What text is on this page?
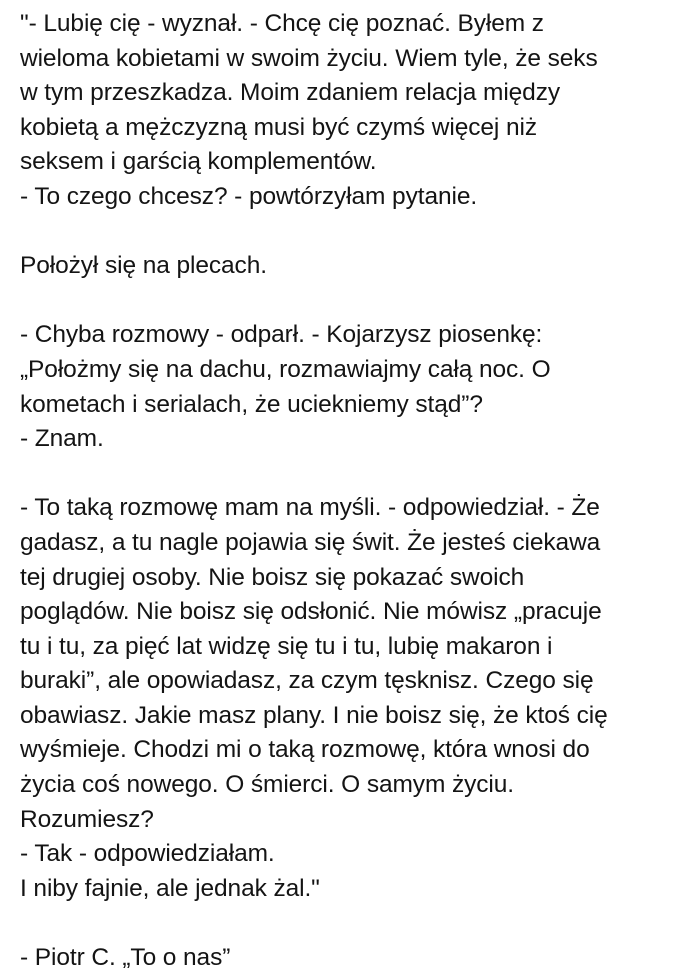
"- Lubię cię - wyznał. - Chcę cię poznać. Byłem z
wieloma kobietami w swoim życiu. Wiem tyle, że seks
w tym przeszkadza. Moim zdaniem relacja między
kobietą a mężczyzną musi być czymś więcej niż
seksem i garścią komplementów.
- To czego chcesz? - powtórzyłam pytanie.
Położył się na plecach.
- Chyba rozmowy - odparł. - Kojarzysz piosenkę:
„Położmy się na dachu, rozmawiajmy całą noc. O
kometach i serialach, że uciekniemy stąd”?
- Znam.
- To taką rozmowę mam na myśli. - odpowiedział. - Że
gadasz, a tu nagle pojawia się świt. Że jesteś ciekawa
tej drugiej osoby. Nie boisz się pokazać swoich
poglądów. Nie boisz się odsłonić. Nie mówisz „pracuje
tu i tu, za pięć lat widzę się tu i tu, lubię makaron i
buraki”, ale opowiadasz, za czym tęsknisz. Czego się
obawiasz. Jakie masz plany. I nie boisz się, że ktoś cię
wyśmieje. Chodzi mi o taką rozmowę, która wnosi do
życia coś nowego. O śmierci. O samym życiu.
Rozumiesz?
- Tak - odpowiedziałam.
I niby fajnie, ale jednak żal."
- Piotr C. „To o nas”
